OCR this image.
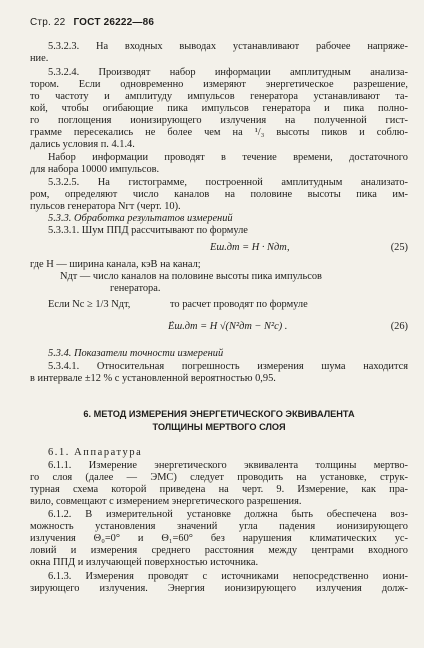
Стр. 22 ГОСТ 26222—86
5.3.2.3. На входных выводах устанавливают рабочее напряже-
ние.
5.3.2.4. Производят набор информации амплитудным анализа-
тором. Если одновременно измеряют энергетическое разрешение,
то частоту и амплитуду импульсов генератора устанавливают та-
кой, чтобы огибающие пика импульсов генератора и пика полно-
го поглощения ионизирующего излучения на полученной гист-
грамме пересекались не более чем на ¹/₃ высоты пиков и соблю-
дались условия п. 4.1.4.
Набор информации проводят в течение времени, достаточного
для набора 10000 импульсов.
5.3.2.5. На гистограмме, построенной амплитудным анализато-
ром, определяют число каналов на половине высоты пика им-
пульсов генератора Nгт (черт. 10).
5.3.3. Обработка результатов измерений
5.3.3.1. Шум ППД рассчитывают по формуле
Eш.дт = H · Nдт,	(25)
где H — ширина канала, кэВ на канал;
Nдт — число каналов на половине высоты пика импульсов
генератора.
Если Nс ≥ 1/3 Nдт,	то расчет проводят по формуле
Ẽш.дт = H √(N²дт − N²с) .	(26)
5.3.4. Показатели точности измерений
5.3.4.1. Относительная погрешность измерения шума находится
в интервале ±12 % с установленной вероятностью 0,95.
6. МЕТОД ИЗМЕРЕНИЯ ЭНЕРГЕТИЧЕСКОГО ЭКВИВАЛЕНТА
ТОЛЩИНЫ МЕРТВОГО СЛОЯ
6.1. Аппаратура
6.1.1. Измерение энергетического эквивалента толщины мертво-
го слоя (далее — ЭМС) следует проводить на установке, струк-
турная схема которой приведена на черт. 9. Измерение, как пра-
вило, совмещают с измерением энергетического разрешения.
6.1.2. В измерительной установке должна быть обеспечена воз-
можность установления значений угла падения ионизирующего
излучения Θ₀=0° и Θ₁=60° без нарушения климатических ус-
ловий и измерения среднего расстояния между центрами входного
окна ППД и излучающей поверхностью источника.
6.1.3. Измерения проводят с источниками непосредственно иони-
зирующего излучения. Энергия ионизирующего излучения долж-
